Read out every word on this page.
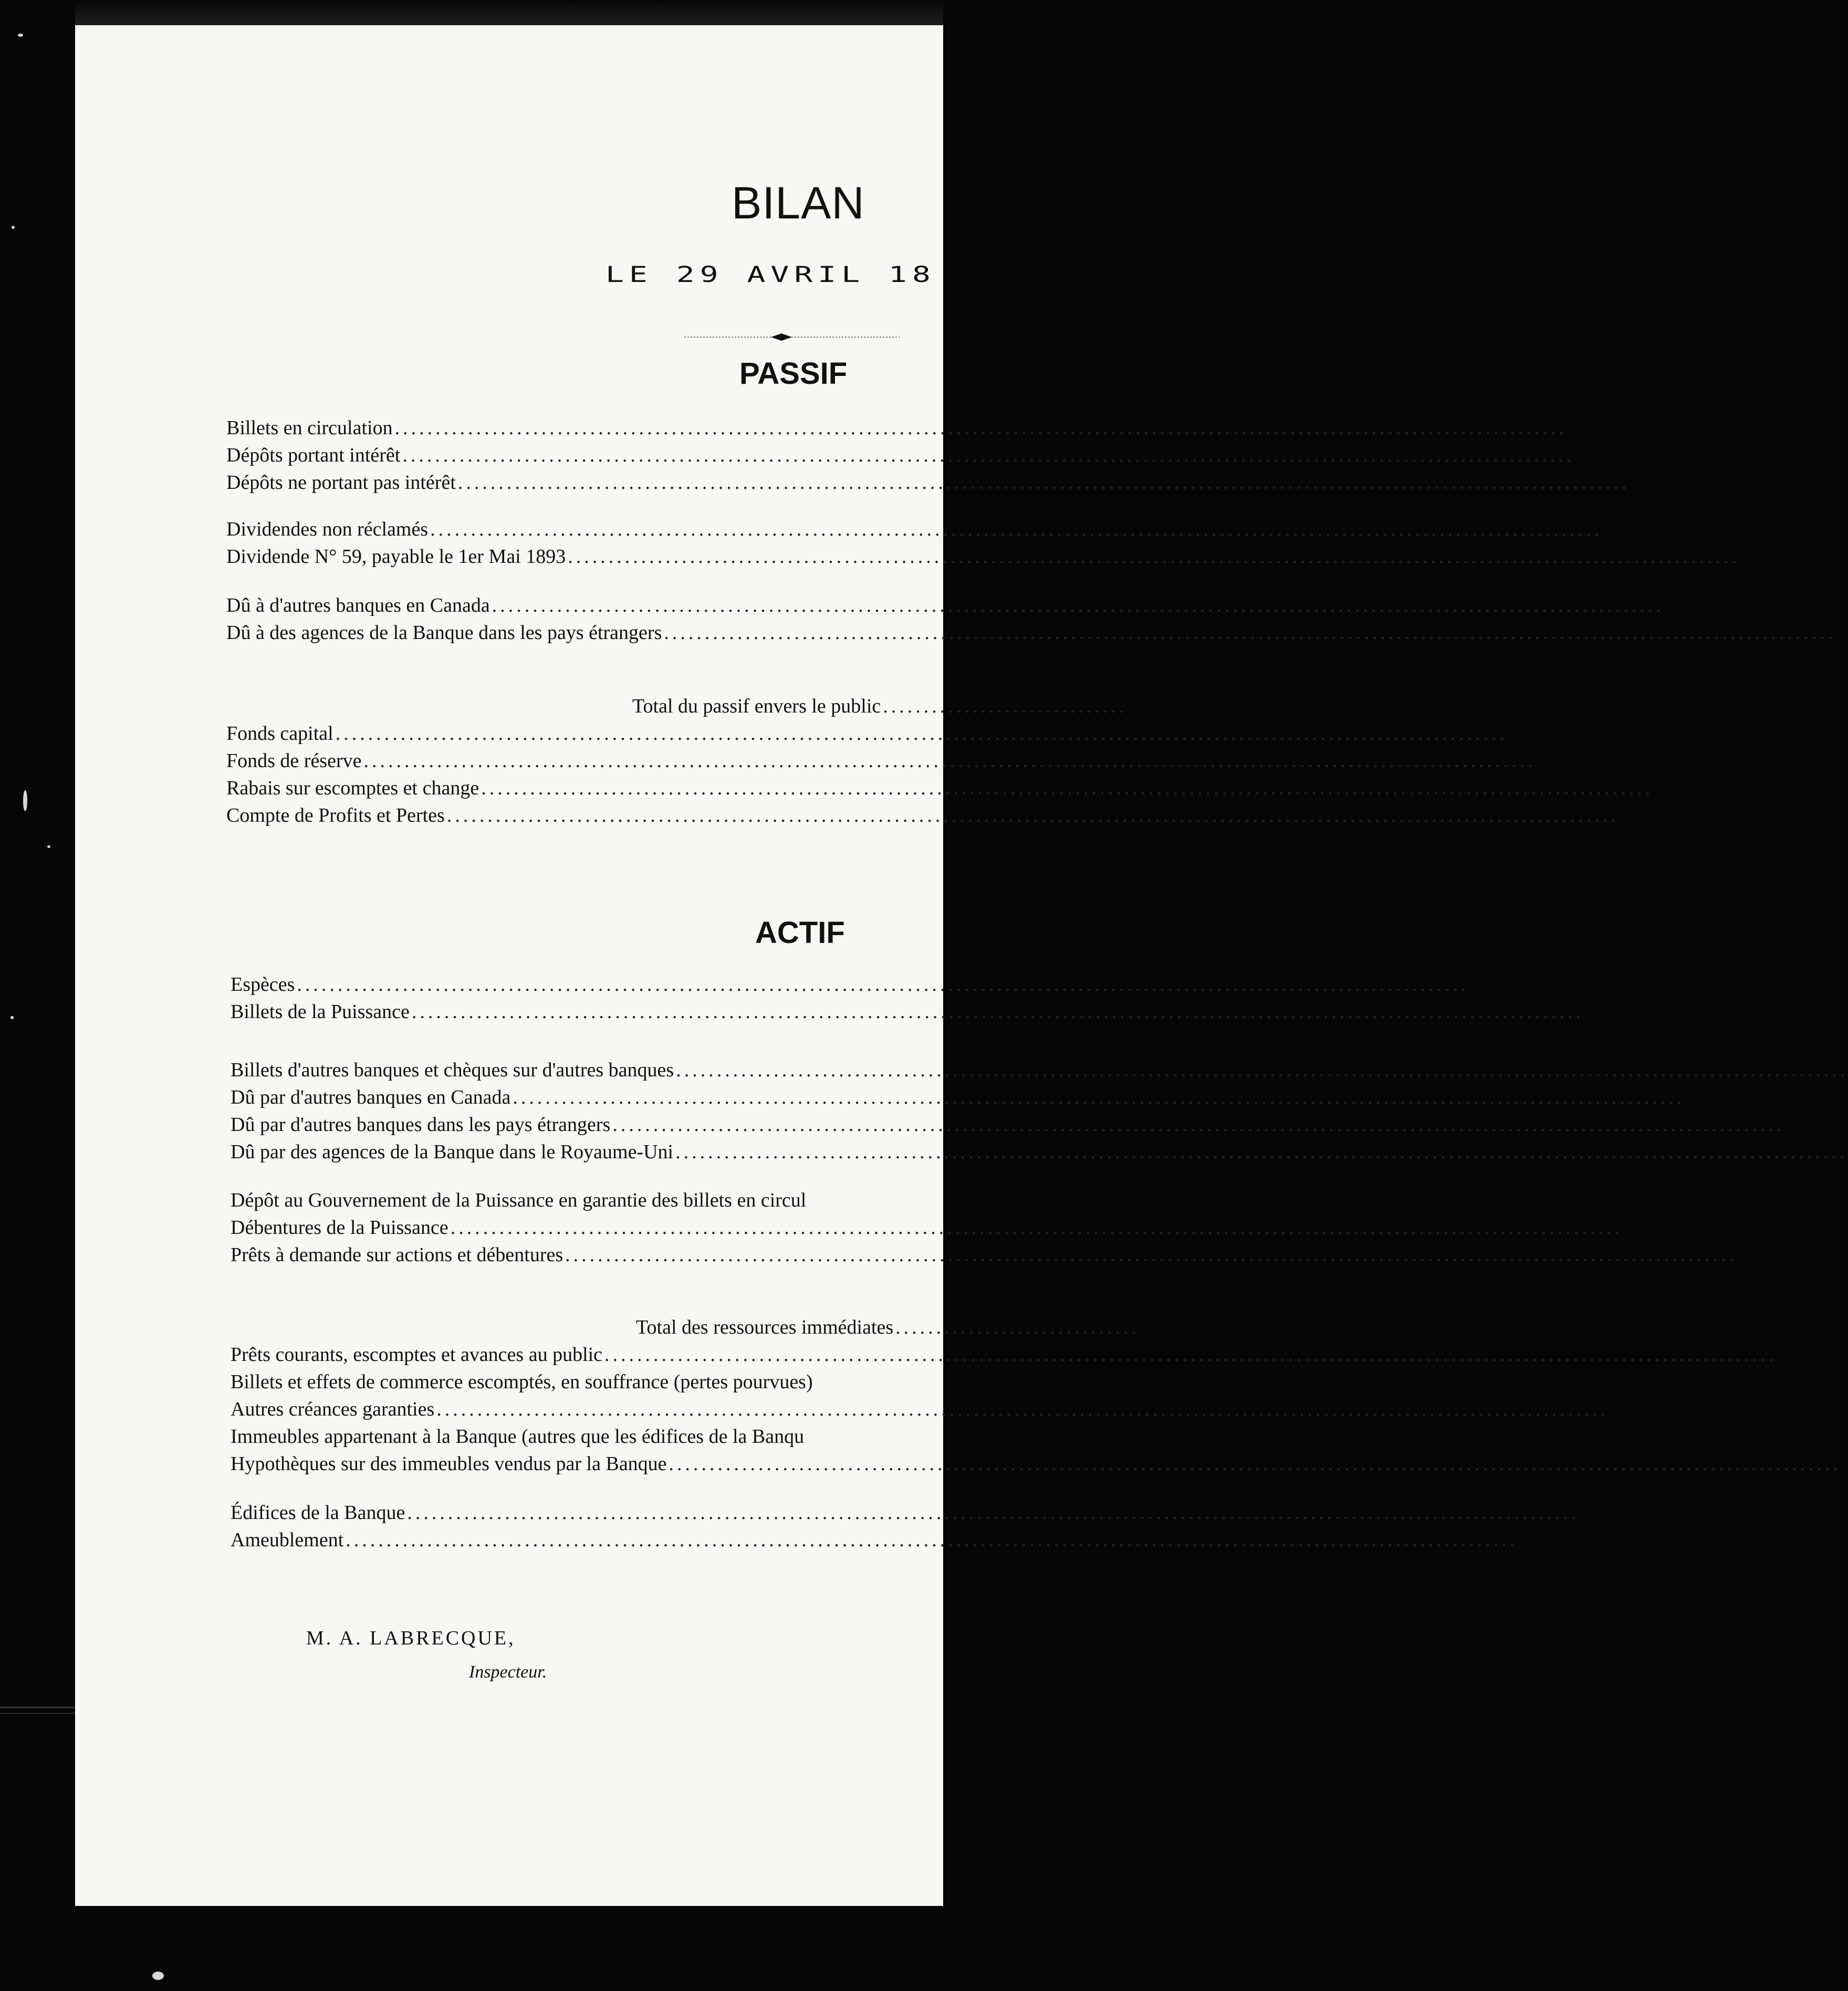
BILAN
LE 29 AVRIL 18
PASSIF
Billets en circulation ................................................................................................................................................
Dépôts portant intérêt ................................................................................................................................................
Dépôts ne portant pas intérêt ................................................................................................................................................
Dividendes non réclamés ................................................................................................................................................
Dividende N° 59, payable le 1er Mai 1893 ................................................................................................................................................
Dû à d'autres banques en Canada ................................................................................................................................................
Dû à des agences de la Banque dans les pays étrangers ................................................................................................................................................
Total du passif envers le public ..............................
Fonds capital ................................................................................................................................................
Fonds de réserve ................................................................................................................................................
Rabais sur escomptes et change ................................................................................................................................................
Compte de Profits et Pertes ................................................................................................................................................
ACTIF
Espèces ................................................................................................................................................
Billets de la Puissance ................................................................................................................................................
Billets d'autres banques et chèques sur d'autres banques ................................................................................................................................................
Dû par d'autres banques en Canada ................................................................................................................................................
Dû par d'autres banques dans les pays étrangers ................................................................................................................................................
Dû par des agences de la Banque dans le Royaume-Uni ................................................................................................................................................
Dépôt au Gouvernement de la Puissance en garantie des billets en circul
Débentures de la Puissance ................................................................................................................................................
Prêts à demande sur actions et débentures ................................................................................................................................................
Total des ressources immédiates ..............................
Prêts courants, escomptes et avances au public ................................................................................................................................................
Billets et effets de commerce escomptés, en souffrance (pertes pourvues)
Autres créances garanties ................................................................................................................................................
Immeubles appartenant à la Banque (autres que les édifices de la Banqu
Hypothèques sur des immeubles vendus par la Banque ................................................................................................................................................
Édifices de la Banque ................................................................................................................................................
Ameublement ................................................................................................................................................
M. A. LABRECQUE,
Inspecteur.
